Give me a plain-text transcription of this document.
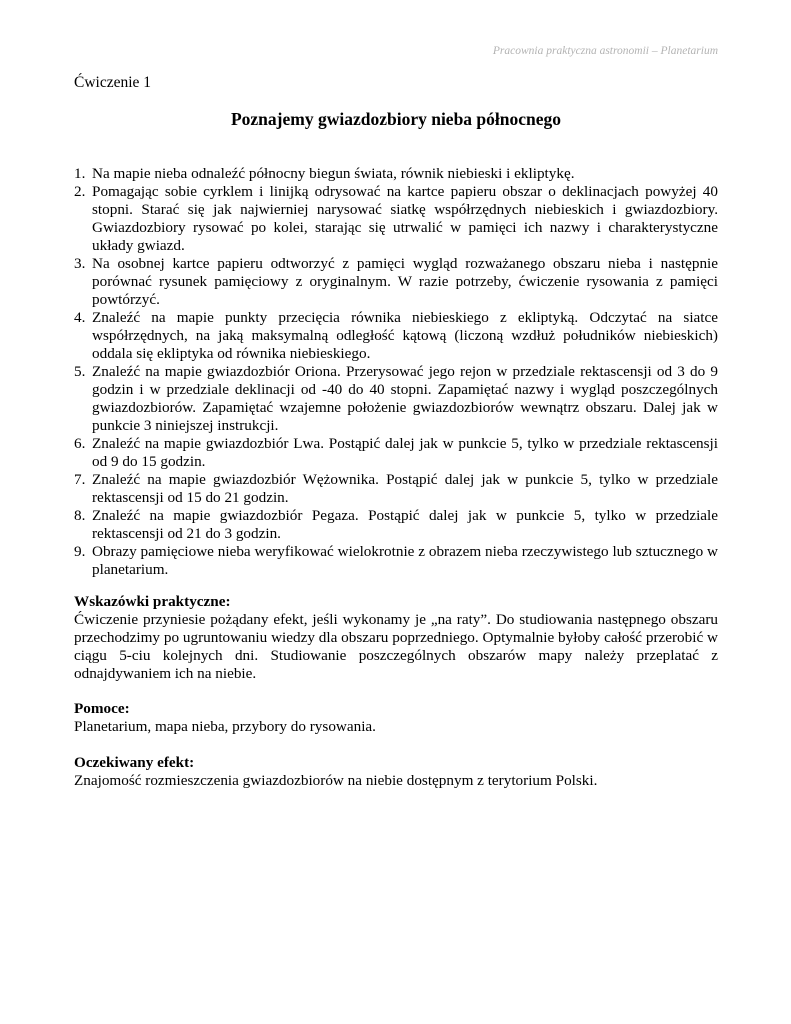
Pracownia praktyczna astronomii – Planetarium
Ćwiczenie 1
Poznajemy gwiazdozbiory nieba północnego
1. Na mapie nieba odnaleźć północny biegun świata, równik niebieski i ekliptykę.
2. Pomagając sobie cyrklem i linijką odrysować na kartce papieru obszar o deklinacjach powyżej 40 stopni. Starać się jak najwierniej narysować siatkę współrzędnych niebieskich i gwiazdozbiory. Gwiazdozbiory rysować po kolei, starając się utrwalić w pamięci ich nazwy i charakterystyczne układy gwiazd.
3. Na osobnej kartce papieru odtworzyć z pamięci wygląd rozważanego obszaru nieba i następnie porównać rysunek pamięciowy z oryginalnym. W razie potrzeby, ćwiczenie rysowania z pamięci powtórzyć.
4. Znaleźć na mapie punkty przecięcia równika niebieskiego z ekliptyką. Odczytać na siatce współrzędnych, na jaką maksymalną odległość kątową (liczoną wzdłuż południków niebieskich) oddala się ekliptyka od równika niebieskiego.
5. Znaleźć na mapie gwiazdozbiór Oriona. Przerysować jego rejon w przedziale rektascensji od 3 do 9 godzin i w przedziale deklinacji od -40 do 40 stopni. Zapamiętać nazwy i wygląd poszczególnych gwiazdozbiorów. Zapamiętać wzajemne położenie gwiazdozbiorów wewnątrz obszaru. Dalej jak w punkcie 3 niniejszej instrukcji.
6. Znaleźć na mapie gwiazdozbiór Lwa. Postąpić dalej jak w punkcie 5, tylko w przedziale rektascensji od 9 do 15 godzin.
7. Znaleźć na mapie gwiazdozbiór Wężownika. Postąpić dalej jak w punkcie 5, tylko w przedziale rektascensji od 15 do 21 godzin.
8. Znaleźć na mapie gwiazdozbiór Pegaza. Postąpić dalej jak w punkcie 5, tylko w przedziale rektascensji od 21 do 3 godzin.
9. Obrazy pamięciowe nieba weryfikować wielokrotnie z obrazem nieba rzeczywistego lub sztucznego w planetarium.
Wskazówki praktyczne:
Ćwiczenie przyniesie pożądany efekt, jeśli wykonamy je „na raty”. Do studiowania następnego obszaru przechodzimy po ugruntowaniu wiedzy dla obszaru poprzedniego. Optymalnie byłoby całość przerobić w ciągu 5-ciu kolejnych dni. Studiowanie poszczególnych obszarów mapy należy przeplatać z odnajdywaniem ich na niebie.
Pomoce:
Planetarium, mapa nieba, przybory do rysowania.
Oczekiwany efekt:
Znajomość rozmieszczenia gwiazdozbiorów na niebie dostępnym z terytorium Polski.
